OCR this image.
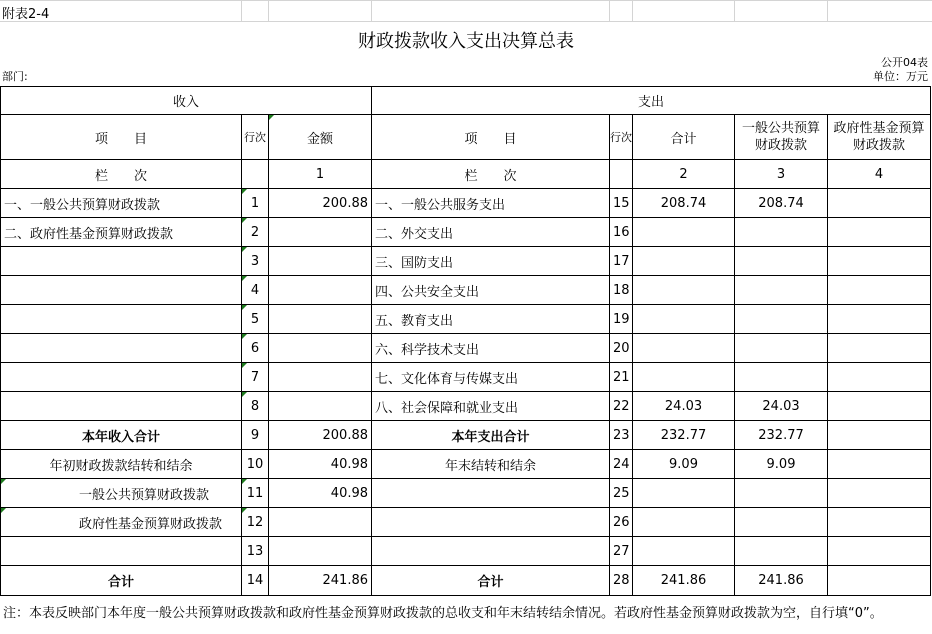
附表2-4
财政拨款收入支出决算总表
公开04表
部门:	单位：万元
收入			支出				
项　　目	行次	金额	项　　目	行次	合计	一般公共预算财政拨款	政府性基金预算财政拨款
栏　　次		1	栏　　次		2	3	4
一、一般公共预算财政拨款	1	200.88	一、一般公共服务支出	15	208.74	208.74	
二、政府性基金预算财政拨款	2		二、外交支出	16			
	3		三、国防支出	17			
	4		四、公共安全支出	18			
	5		五、教育支出	19			
	6		六、科学技术支出	20			
	7		七、文化体育与传媒支出	21			
	8		八、社会保障和就业支出	22	24.03	24.03	
本年收入合计	9	200.88	本年支出合计	23	232.77	232.77	
年初财政拨款结转和结余	10	40.98	年末结转和结余	24	9.09	9.09	
一般公共预算财政拨款	11	40.98		25			
政府性基金预算财政拨款	12			26			
	13			27			
合计	14	241.86	合计	28	241.86	241.86	
注：本表反映部门本年度一般公共预算财政拨款和政府性基金预算财政拨款的总收支和年末结转结余情况。若政府性基金预算财政拨款为空，自行填“0”。
